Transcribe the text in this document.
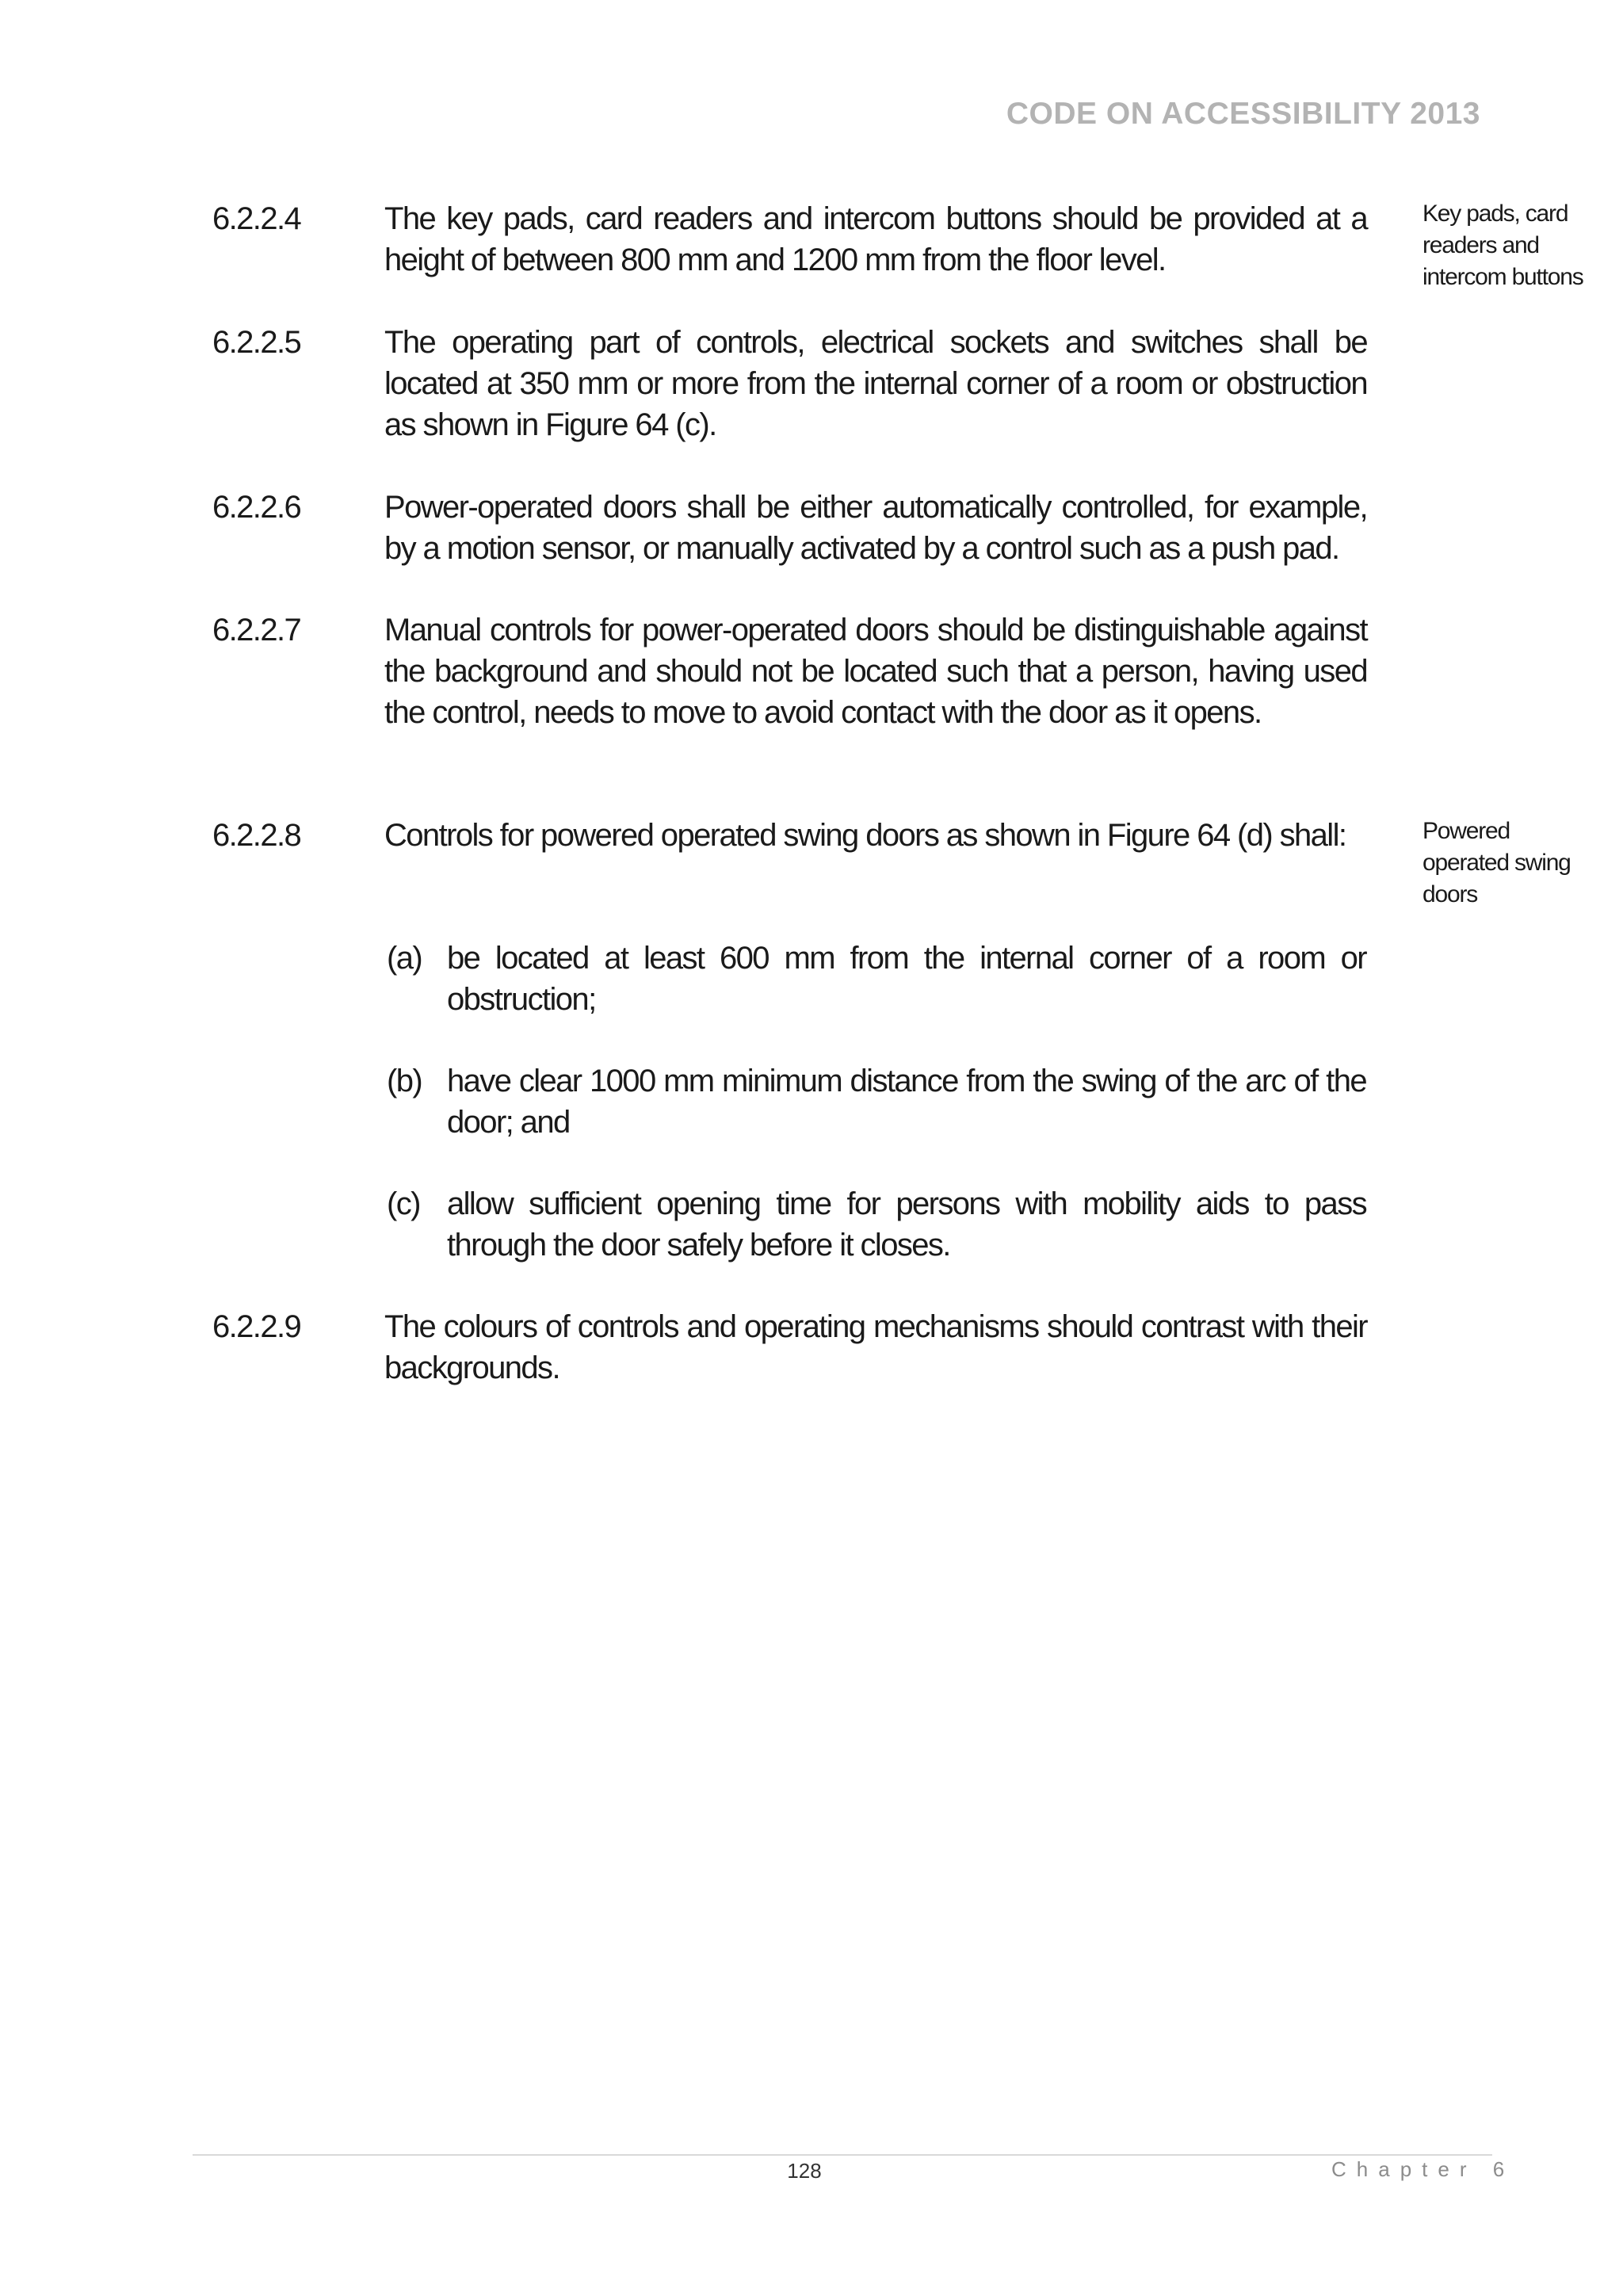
CODE ON ACCESSIBILITY 2013
6.2.2.4	The key pads, card readers and intercom buttons should be provided at a height of between 800 mm and 1200 mm from the floor level.
6.2.2.5	The operating part of controls, electrical sockets and switches shall be located at 350 mm or more from the internal corner of a room or obstruction as shown in Figure 64 (c).
6.2.2.6	Power-operated doors shall be either automatically controlled, for example, by a motion sensor, or manually activated by a control such as a push pad.
6.2.2.7	Manual controls for power-operated doors should be distinguishable against the background and should not be located such that a person, having used the control, needs to move to avoid contact with the door as it opens.
6.2.2.8	Controls for powered operated swing doors as shown in Figure 64 (d) shall:
(a) be located at least 600 mm from the internal corner of a room or obstruction;
(b) have clear 1000 mm minimum distance from the swing of the arc of the door; and
(c) allow sufficient opening time for persons with mobility aids to pass through the door safely before it closes.
6.2.2.9	The colours of controls and operating mechanisms should contrast with their backgrounds.
Key pads, card readers and intercom buttons
Powered operated swing doors
128	Chapter 6
